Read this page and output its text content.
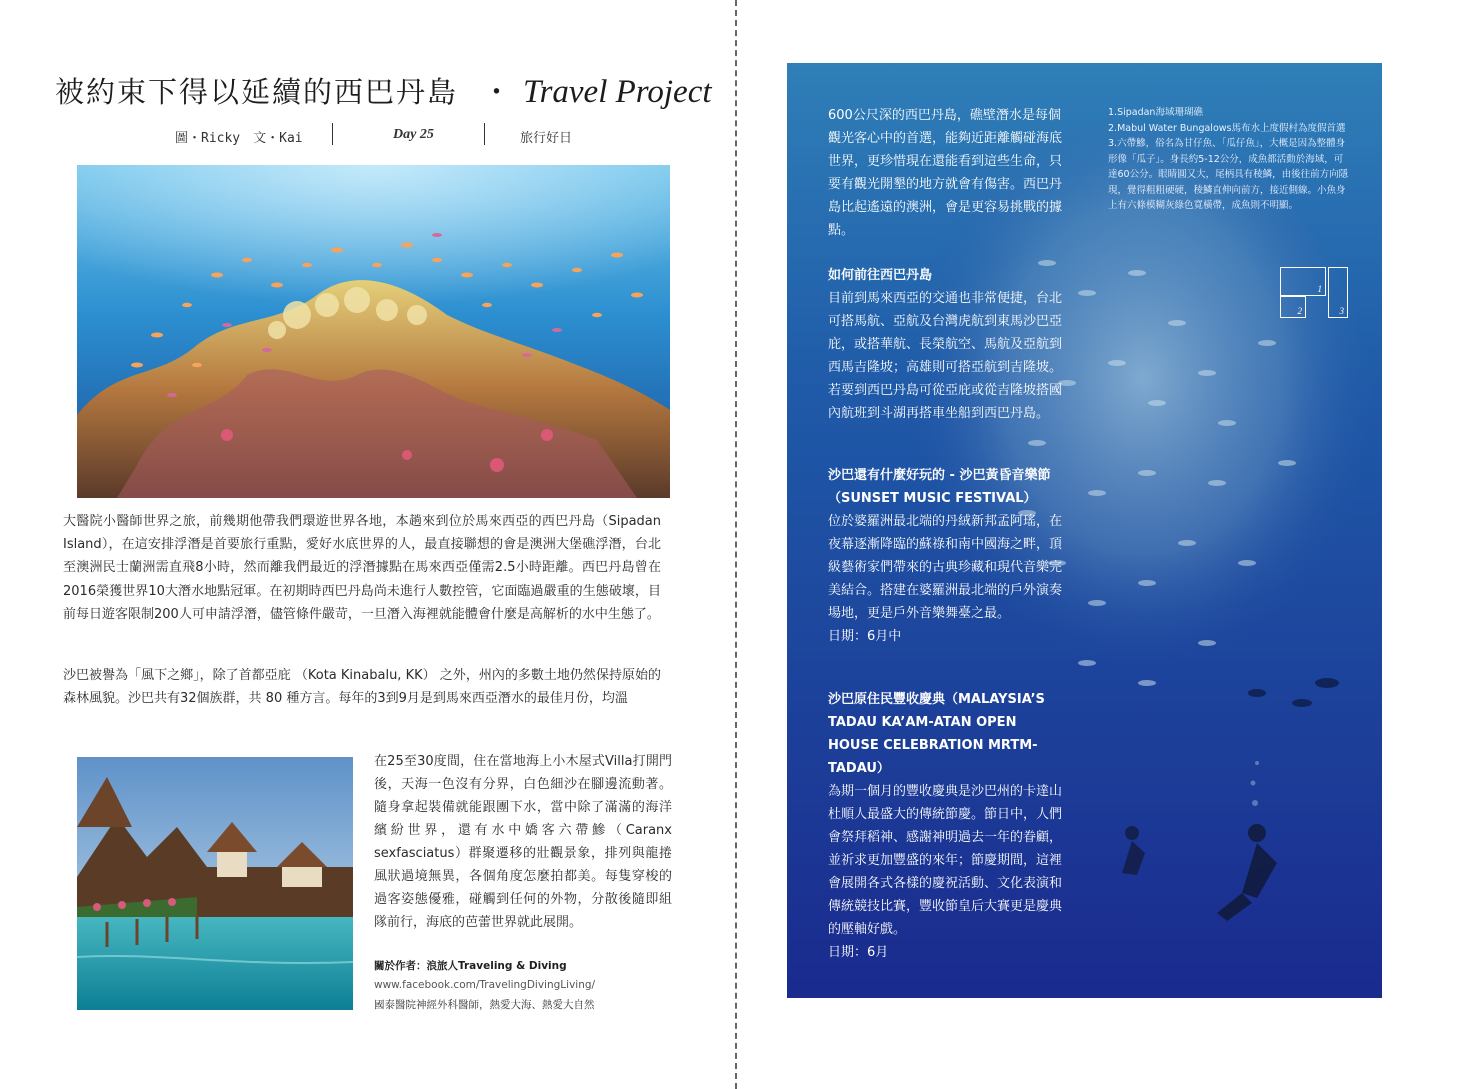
被約束下得以延續的西巴丹島 ・ Travel Project
圖・Ricky　文・Kai	Day 25	旅行好日

大醫院小醫師世界之旅，前幾期他帶我們環遊世界各地，本趟來到位於馬來西亞的西巴丹島（Sipadan Island），在這安排浮潛是首要旅行重點，愛好水底世界的人，最直接聯想的會是澳洲大堡礁浮潛，台北至澳洲民士蘭洲需直飛8小時，然而離我們最近的浮潛據點在馬來西亞僅需2.5小時距離。西巴丹島曾在2016榮獲世界10大潛水地點冠軍。在初期時西巴丹島尚未進行人數控管，它面臨過嚴重的生態破壞，目前每日遊客限制200人可申請浮潛，儘管條件嚴苛，一旦潛入海裡就能體會什麼是高解析的水中生態了。

沙巴被譽為「風下之鄉」，除了首都亞庇 （Kota Kinabalu, KK） 之外，州內的多數土地仍然保持原始的森林風貌。沙巴共有32個族群，共 80 種方言。每年的3到9月是到馬來西亞潛水的最佳月份，均溫

在25至30度間，住在當地海上小木屋式Villa打開門後，天海一色沒有分界，白色細沙在腳邊流動著。隨身拿起裝備就能跟團下水，當中除了滿滿的海洋繽紛世界，還有水中嬌客六帶鰺（Caranx sexfasciatus）群聚遷移的壯觀景象，排列與龍捲風狀過境無異，各個角度怎麼拍都美。每隻穿梭的過客姿態優雅，碰觸到任何的外物，分散後隨即組隊前行，海底的芭蕾世界就此展開。

關於作者：浪旅人Traveling & Diving
www.facebook.com/TravelingDivingLiving/
國泰醫院神經外科醫師，熱愛大海、熱愛大自然

600公尺深的西巴丹島，礁壁潛水是每個觀光客心中的首選，能夠近距離觸碰海底世界，更珍惜現在還能看到這些生命，只要有觀光開墾的地方就會有傷害。西巴丹島比起遙遠的澳洲，會是更容易挑戰的據點。

如何前往西巴丹島
目前到馬來西亞的交通也非常便捷，台北可搭馬航、亞航及台灣虎航到東馬沙巴亞庇，或搭華航、長榮航空、馬航及亞航到西馬吉隆坡；高雄則可搭亞航到吉隆坡。若要到西巴丹島可從亞庇或從吉隆坡搭國內航班到斗湖再搭車坐船到西巴丹島。
沙巴還有什麼好玩的 - 沙巴黃昏音樂節（SUNSET MUSIC FESTIVAL）
位於婆羅洲最北端的丹絨新邦孟阿瑤，在夜幕逐漸降臨的蘇祿和南中國海之畔，頂級藝術家們帶來的古典珍藏和現代音樂完美結合。搭建在婆羅洲最北端的戶外演奏場地，更是戶外音樂舞臺之最。
日期：6月中
沙巴原住民豐收慶典（MALAYSIA’S TADAU KA’AM-ATAN OPEN HOUSE CELEBRATION MRTM- TADAU）
為期一個月的豐收慶典是沙巴州的卡達山杜順人最盛大的傳統節慶。節日中，人們會祭拜稻神、感謝神明過去一年的眷顧，並祈求更加豐盛的來年；節慶期間，這裡會展開各式各樣的慶祝活動、文化表演和傳統競技比賽，豐收節皇后大賽更是慶典的壓軸好戲。
日期：6月
1.Sipadan海域珊瑚礁
2.Mabul Water Bungalows馬布水上度假村為度假首選
3.六帶鰺，俗名為甘仔魚、「瓜仔魚」，大概是因為整體身形像「瓜子」。身長約5-12公分，成魚都活動於海域，可達60公分。眼睛圓又大，尾柄具有稜鱗，由後往前方向隱現，覺得粗粗硬硬，稜鱗直伸向前方，接近側線。小魚身上有六條模糊灰綠色寬橫帶，成魚則不明顯。
1
2	3
